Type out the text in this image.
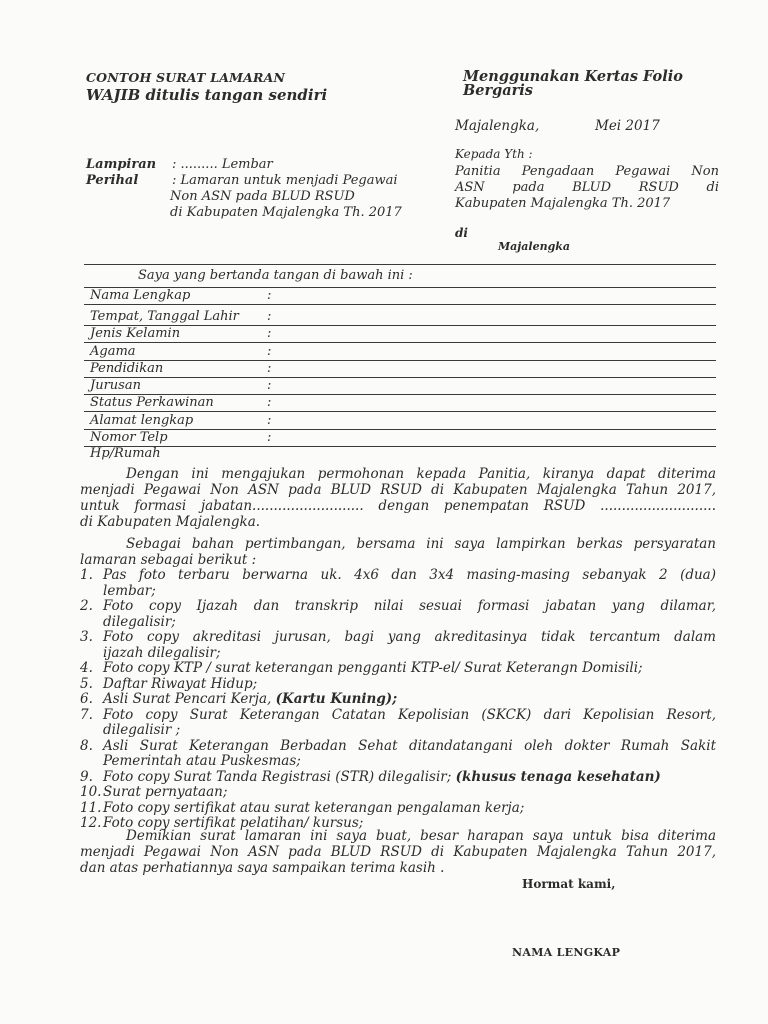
CONTOH SURAT LAMARAN
WAJIB ditulis tangan sendiri
Menggunakan Kertas Folio
Bergaris
Majalengka,	Mei 2017
Kepada Yth :
Panitia Pengadaan Pegawai Non
ASN pada BLUD RSUD di
Kabupaten Majalengka Th. 2017
di
Majalengka
Lampiran : ......... Lembar
Perihal	: Lamaran untuk menjadi Pegawai
Non ASN pada BLUD RSUD
di Kabupaten Majalengka Th. 2017
Saya yang bertanda tangan di bawah ini :
Nama Lengkap	:
Tempat, Tanggal Lahir :
Jenis Kelamin	:
Agama	:
Pendidikan	:
Jurusan	:
Status Perkawinan	:
Alamat lengkap	:
Nomor Telp	:
Hp/Rumah
Dengan ini mengajukan permohonan kepada Panitia, kiranya dapat diterima
menjadi Pegawai Non ASN pada BLUD RSUD di Kabupaten Majalengka Tahun 2017,
untuk formasi jabatan.......................... dengan penempatan RSUD ...........................
di Kabupaten Majalengka.
Sebagai bahan pertimbangan, bersama ini saya lampirkan berkas persyaratan
lamaran sebagai berikut :
1. Pas foto terbaru berwarna uk. 4x6 dan 3x4 masing-masing sebanyak 2 (dua)
lembar;
2. Foto copy Ijazah dan transkrip nilai sesuai formasi jabatan yang dilamar,
dilegalisir;
3. Foto copy akreditasi jurusan, bagi yang akreditasinya tidak tercantum dalam
ijazah dilegalisir;
4. Foto copy KTP / surat keterangan pengganti KTP-el/ Surat Keterangn Domisili;
5. Daftar Riwayat Hidup;
6. Asli Surat Pencari Kerja, (Kartu Kuning);
7. Foto copy Surat Keterangan Catatan Kepolisian (SKCK) dari Kepolisian Resort,
dilegalisir ;
8. Asli Surat Keterangan Berbadan Sehat ditandatangani oleh dokter Rumah Sakit
Pemerintah atau Puskesmas;
9. Foto copy Surat Tanda Registrasi (STR) dilegalisir; (khusus tenaga kesehatan)
10. Surat pernyataan;
11. Foto copy sertifikat atau surat keterangan pengalaman kerja;
12. Foto copy sertifikat pelatihan/ kursus;
Demikian surat lamaran ini saya buat, besar harapan saya untuk bisa diterima
menjadi Pegawai Non ASN pada BLUD RSUD di Kabupaten Majalengka Tahun 2017,
dan atas perhatiannya saya sampaikan terima kasih .
Hormat kami,
NAMA LENGKAP
